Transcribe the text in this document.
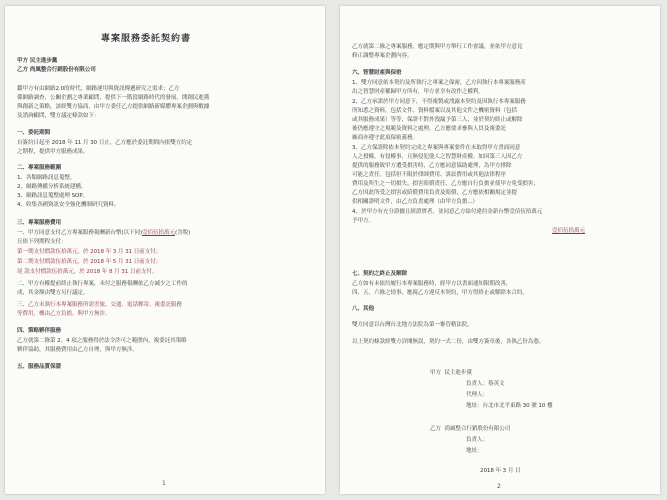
專案服務委託契約書
甲方 民主進步黨
乙方 尚風整合行銷股份有限公司
鑑甲方有由網路2.0的時代，網路運用與資訊傳遞研究之需求；乙方
係網路調查、公關企劃之專業顧問，提供下一階段網路時代的發展，開創民進黨
與創新之策略，該經雙方協商，由甲方委任乙方提供網路新媒體專案企劃與數據
及諮詢顧問，雙方議定條款如下：
一、委託期間
自簽約日起至 2018 年 11 月 30 日止，乙方應於委託期間內依雙方約定
之期程，提供甲方服務成果。
二、專案服務範圍
1、各類網路訊息蒐整。
2、網路傳播分析系統建構。
3、網路訊息蒐整處理 SOP。
4、收集各國資訊安全強化機制研究資料。
三、專案服務費用
一、甲方同意支付乙方專案服務報酬新台幣(以下同)壹佰伍拾萬元(含稅)
且依下列期程支付：
第一期支付價款伍拾萬元，於 2018 年 3 月 31 日前支付；
第二期支付價款伍拾萬元，於 2018 年 5 月 31 日前支付；
尾 款支付價款伍拾萬元，於 2018 年 8 月 31 日前支付。
二、甲方有權提前終止執行專案，未付之服務報酬依乙方減少之工作的
成，其金額由雙方另行議定。
三、乙方未執行本專案服務所需差旅、交通、電話郵寄、複委託服務
等費用，概由乙方負擔，與甲方無涉。
四、策略夥伴服務
乙方就第二條第 2、4 項之服務得於法令許可之範圍內，複委託其策略
夥伴協助，其服務費用由乙方自理，與甲方無涉。
五、服務品質保證
1
乙方就第二條之專案服務，應定期與甲方舉行工作會議，並依甲方意見
修正調整專案企劃內容。
六、智慧財產與保密
1、雙方同意依本契約及所執行之專案之保密，乙方因執行本專案服務產
出之智慧財產權歸甲方所有，甲方並享有改作之權利。
2、乙方承諾於甲方同意下，不得複製或洩露本契約及因執行本專案服務
所知悉之資料，包括文件、資料檔案以及其他文件之機密資料（包括
或其服務成果）等等，保證不對外洩漏予第三人，並於契約終止或解除
後仍應遵守之規範及資料之處理。乙方應要求參與人員及複委託
廠商亦遵守此項保密義務。
3、乙方保證除依本契約完成之專案與專案要件在未取得甲方書面同意
人之授權，有侵權事，且無侵犯他人之智慧財產權。如因第三人因乙方
提供的服務致甲方遭受損害時，乙方應同意協助處理，為甲方排除
可能之責任。包括但不限於律師費用、訴訟費用或其他法律程序
費用及所生之一切損失、損害賠償責任、乙方應自行負擔並使甲方免受損害；
乙方因此所受之損害或賠償費用負責及賠償，乙方應依相關規定並提
供相關證明文件，由乙方負責處理（由甲方負擔...）
4、於甲方有充分證據且經證實者，並同意乙方給付違約金新台幣壹佰伍拾萬元
予甲方。
壹佰伍拾萬元
七、契約之終止及解除
乙方如有未依約履行本專案服務時，經甲方以書面通知限期改善，
四、五、六條之情事，應視乙方違反本契約，甲方得終止或解除本合約。
八、其他
雙方同意以台灣台北地方法院為第一審管轄法院。
以上契約條款經雙方詳閱無誤，契約一式二份，由雙方簽章後，各執乙份為憑。
甲方 民主進步黨
負責人：蔡英文
代理人：
地址：台北市北平東路 30 號 10 樓
乙方 尚風整合行銷股份有限公司
負責人：
地址：
2018 年 3 月 日
2
